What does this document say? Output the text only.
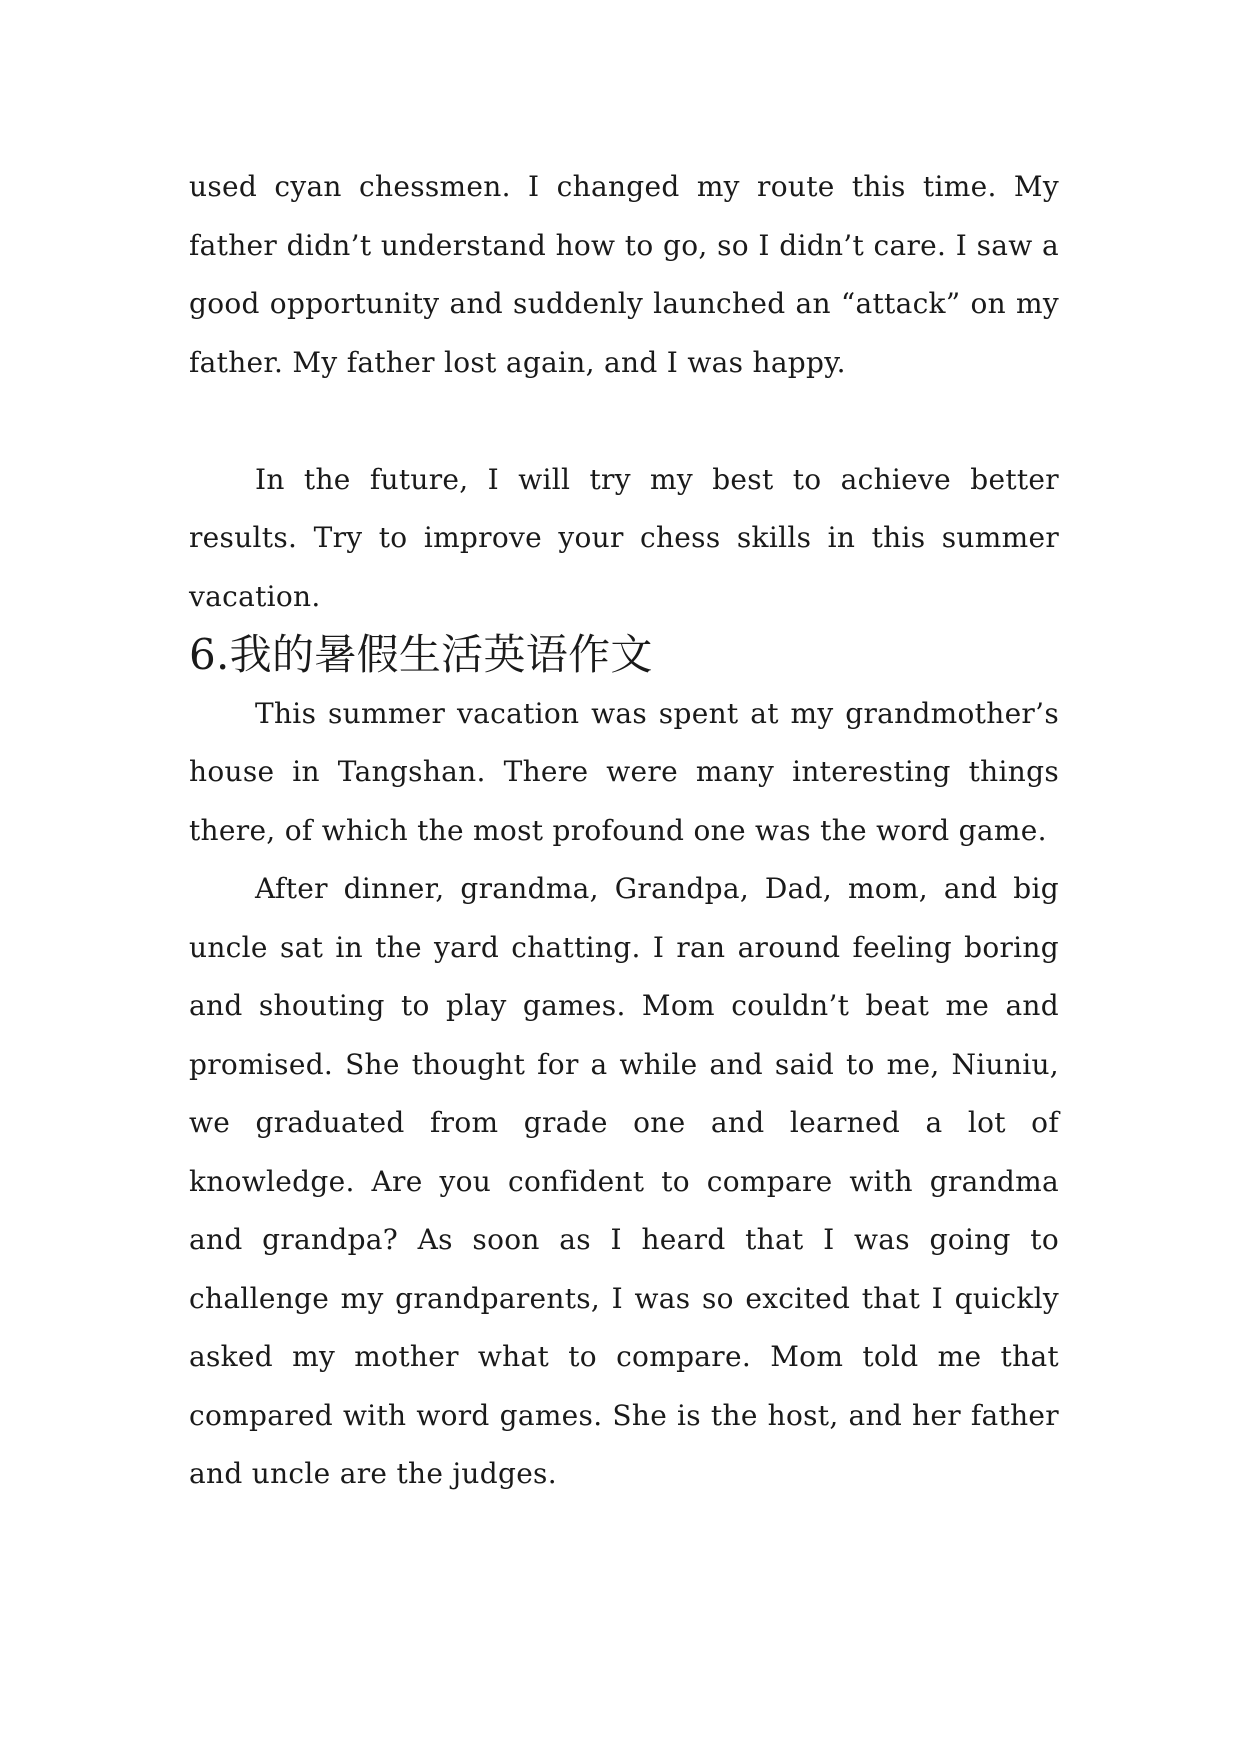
used cyan chessmen. I changed my route this time. My father didn’t understand how to go, so I didn’t care. I saw a good opportunity and suddenly launched an “attack” on my father. My father lost again, and I was happy.

In the future, I will try my best to achieve better results. Try to improve your chess skills in this summer vacation.

6.我的暑假生活英语作文

This summer vacation was spent at my grandmother’s house in Tangshan. There were many interesting things there, of which the most profound one was the word game.

After dinner, grandma, Grandpa, Dad, mom, and big uncle sat in the yard chatting. I ran around feeling boring and shouting to play games. Mom couldn’t beat me and promised. She thought for a while and said to me, Niuniu, we graduated from grade one and learned a lot of knowledge. Are you confident to compare with grandma and grandpa? As soon as I heard that I was going to challenge my grandparents, I was so excited that I quickly asked my mother what to compare. Mom told me that compared with word games. She is the host, and her father and uncle are the judges.
